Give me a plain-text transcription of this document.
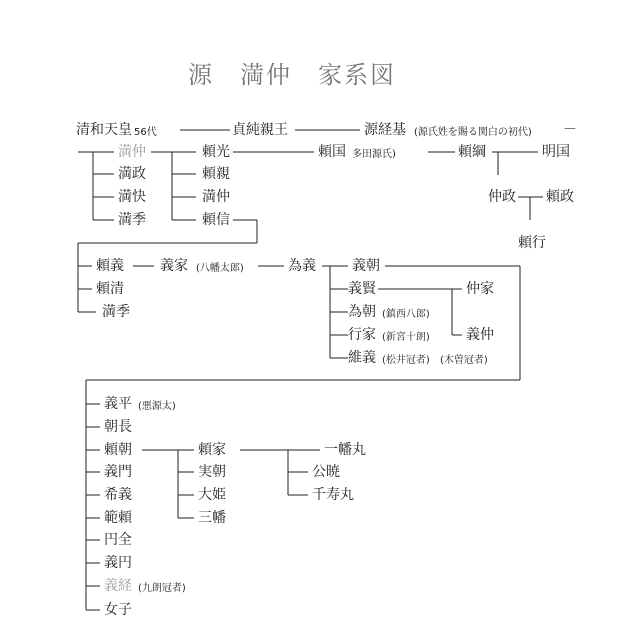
源　満仲　家系図
清和天皇 56代	貞純親王	源経基 (源氏姓を賜る関白の初代) －
満仲
満政
満快
満季
頼光
頼親
満仲
頼信
頼国 多田源氏)	頼綱	明国
仲政 頼政
頼行
頼義
頼清
満季
義家 (八幡太郎)	為義	義朝
義賢	仲家
為朝 (鎮西八郎)
行家 (新宮十朗)	義仲
維義 (松井冠者) (木曽冠者)
義平 (悪源太)
朝長
頼朝
義門
希義
範頼
円全
義円
義経 (九朗冠者)
女子
頼家
実朝
大姫
三幡
一幡丸
公暁
千寿丸
